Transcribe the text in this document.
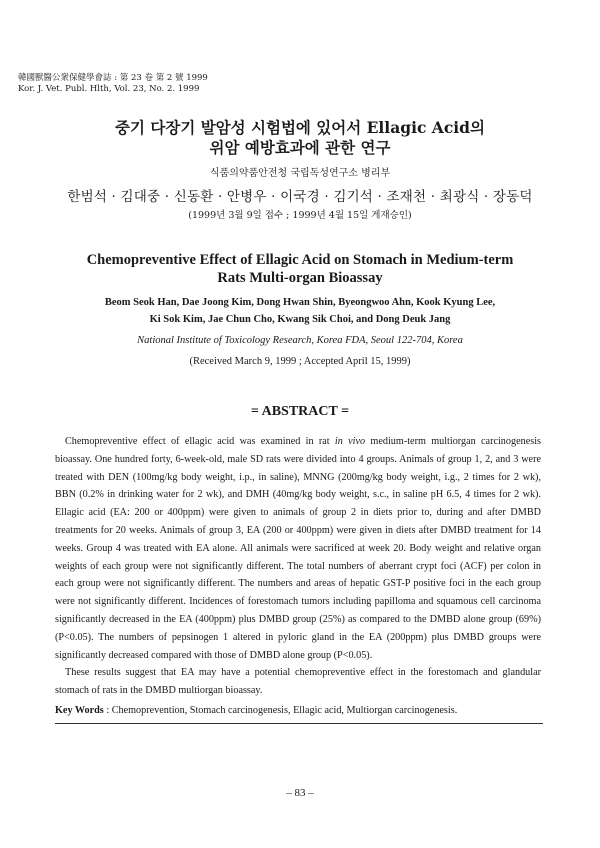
韓國獸醫公衆保健學會誌 : 第 23 卷 第 2 號 1999
Kor. J. Vet. Publ. Hlth, Vol. 23, No. 2. 1999
중기 다장기 발암성 시험법에 있어서 Ellagic Acid의
위암 예방효과에 관한 연구
식품의약품안전청 국립독성연구소 병리부
한범석 · 김대중 · 신동환 · 안병우 · 이국경 · 김기석 · 조재천 · 최광식 · 장동덕
(1999년 3월 9일 접수 ; 1999년 4월 15일 게재승인)
Chemopreventive Effect of Ellagic Acid on Stomach in Medium-term
Rats Multi-organ Bioassay
Beom Seok Han, Dae Joong Kim, Dong Hwan Shin, Byeongwoo Ahn, Kook Kyung Lee,
Ki Sok Kim, Jae Chun Cho, Kwang Sik Choi, and Dong Deuk Jang
National Institute of Toxicology Research, Korea FDA, Seoul 122-704, Korea
(Received March 9, 1999 ; Accepted April 15, 1999)
= ABSTRACT =

Chemopreventive effect of ellagic acid was examined in rat in vivo medium-term multiorgan carcinogenesis bioassay. One hundred forty, 6-week-old, male SD rats were divided into 4 groups. Animals of group 1, 2, and 3 were treated with DEN (100mg/kg body weight, i.p., in saline), MNNG (200mg/kg body weight, i.g., 2 times for 2 wk), BBN (0.2% in drinking water for 2 wk), and DMH (40mg/kg body weight, s.c., in saline pH 6.5, 4 times for 2 wk). Ellagic acid (EA: 200 or 400ppm) were given to animals of group 2 in diets prior to, during and after DMBD treatments for 20 weeks. Animals of group 3, EA (200 or 400ppm) were given in diets after DMBD treatment for 14 weeks. Group 4 was treated with EA alone. All animals were sacrificed at week 20. Body weight and relative organ weights of each group were not significantly different. The total numbers of aberrant crypt foci (ACF) per colon in each group were not significantly different. The numbers and areas of hepatic GST-P positive foci in the each group were not significantly different. Incidences of forestomach tumors including papilloma and squamous cell carcinoma significantly decreased in the EA (400ppm) plus DMBD group (25%) as compared to the DMBD alone group (69%) (P<0.05). The numbers of pepsinogen 1 altered in pyloric gland in the EA (200ppm) plus DMBD groups were significantly decreased compared with those of DMBD alone group (P<0.05).

These results suggest that EA may have a potential chemopreventive effect in the forestomach and glandular stomach of rats in the DMBD multiorgan bioassay.

Key Words : Chemoprevention, Stomach carcinogenesis, Ellagic acid, Multiorgan carcinogenesis.
– 83 –
